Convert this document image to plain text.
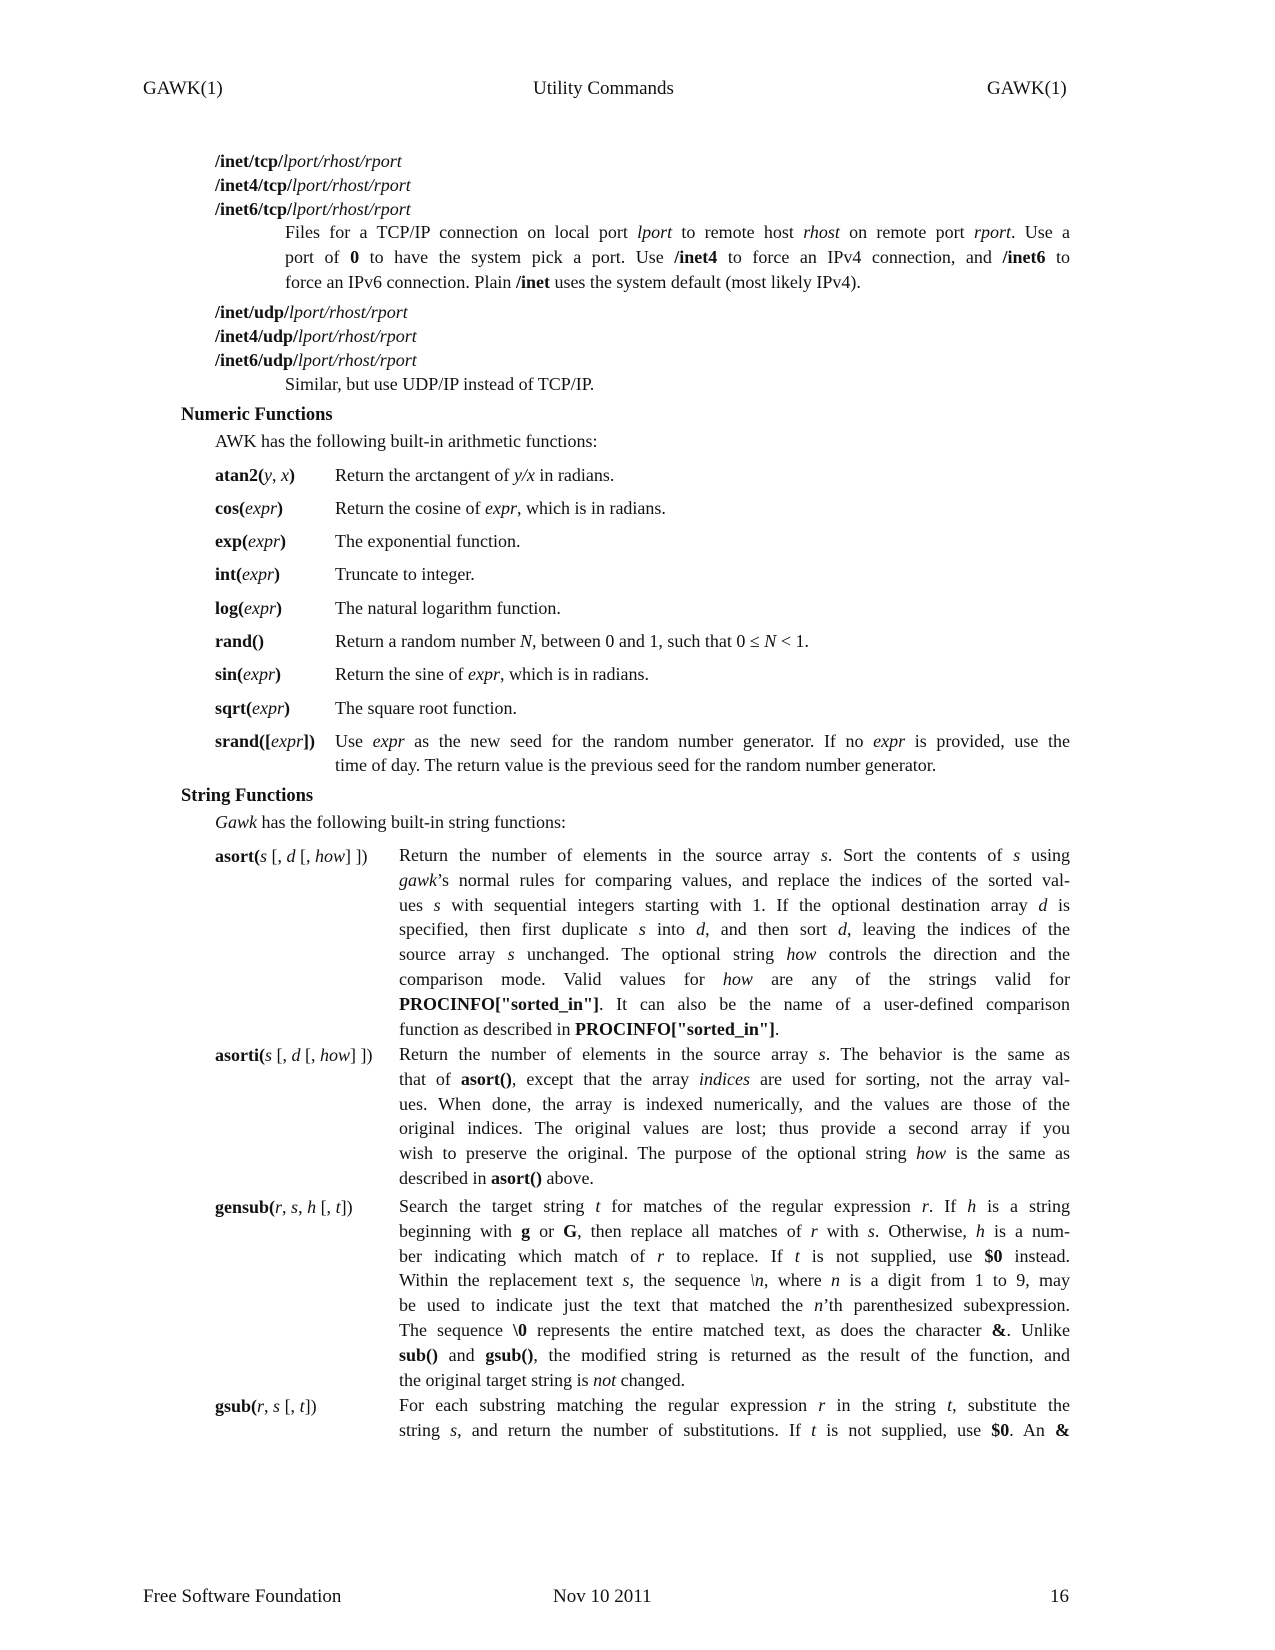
GAWK(1)	Utility Commands	GAWK(1)
/inet/tcp/lport/rhost/rport
/inet4/tcp/lport/rhost/rport
/inet6/tcp/lport/rhost/rport
Files for a TCP/IP connection on local port lport to remote host rhost on remote port rport. Use a
port of 0 to have the system pick a port. Use /inet4 to force an IPv4 connection, and /inet6 to
force an IPv6 connection. Plain /inet uses the system default (most likely IPv4).
/inet/udp/lport/rhost/rport
/inet4/udp/lport/rhost/rport
/inet6/udp/lport/rhost/rport
Similar, but use UDP/IP instead of TCP/IP.
Numeric Functions
AWK has the following built-in arithmetic functions:
atan2(y, x) Return the arctangent of y/x in radians.
cos(expr)	Return the cosine of expr, which is in radians.
exp(expr)	The exponential function.
int(expr)	Truncate to integer.
log(expr)	The natural logarithm function.
rand()	Return a random number N, between 0 and 1, such that 0 ≤ N < 1.
sin(expr)	Return the sine of expr, which is in radians.
sqrt(expr)	The square root function.
srand([expr]) Use expr as the new seed for the random number generator. If no expr is provided, use the
time of day. The return value is the previous seed for the random number generator.
String Functions
Gawk has the following built-in string functions:
asort(s [, d [, how] ]) Return the number of elements in the source array s. Sort the contents of s using
gawk’s normal rules for comparing values, and replace the indices of the sorted val-
ues s with sequential integers starting with 1. If the optional destination array d is
specified, then first duplicate s into d, and then sort d, leaving the indices of the
source array s unchanged. The optional string how controls the direction and the
comparison mode. Valid values for how are any of the strings valid for
PROCINFO["sorted_in"]. It can also be the name of a user-defined comparison
function as described in PROCINFO["sorted_in"].
asorti(s [, d [, how] ]) Return the number of elements in the source array s. The behavior is the same as
that of asort(), except that the array indices are used for sorting, not the array val-
ues. When done, the array is indexed numerically, and the values are those of the
original indices. The original values are lost; thus provide a second array if you
wish to preserve the original. The purpose of the optional string how is the same as
described in asort() above.
gensub(r, s, h [, t])	Search the target string t for matches of the regular expression r. If h is a string
beginning with g or G, then replace all matches of r with s. Otherwise, h is a num-
ber indicating which match of r to replace. If t is not supplied, use $0 instead.
Within the replacement text s, the sequence \n, where n is a digit from 1 to 9, may
be used to indicate just the text that matched the n’th parenthesized subexpression.
The sequence \0 represents the entire matched text, as does the character &. Unlike
sub() and gsub(), the modified string is returned as the result of the function, and
the original target string is not changed.
gsub(r, s [, t])	For each substring matching the regular expression r in the string t, substitute the
string s, and return the number of substitutions. If t is not supplied, use $0. An &
Free Software Foundation	Nov 10 2011	16
